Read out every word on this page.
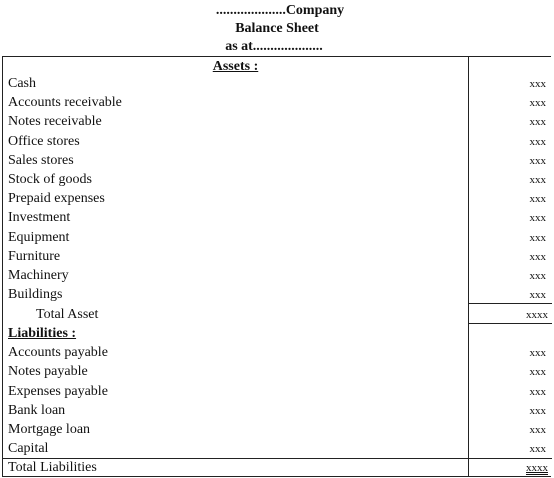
....................Company
Balance Sheet
as at....................
Assets :
Cash	xxx
Accounts receivable	xxx
Notes receivable	xxx
Office stores	xxx
Sales stores	xxx
Stock of goods	xxx
Prepaid expenses	xxx
Investment	xxx
Equipment	xxx
Furniture	xxx
Machinery	xxx
Buildings	xxx
Total Asset	xxxx
Liabilities :
Accounts payable	xxx
Notes payable	xxx
Expenses payable	xxx
Bank loan	xxx
Mortgage loan	xxx
Capital	xxx
Total Liabilities	xxxx
